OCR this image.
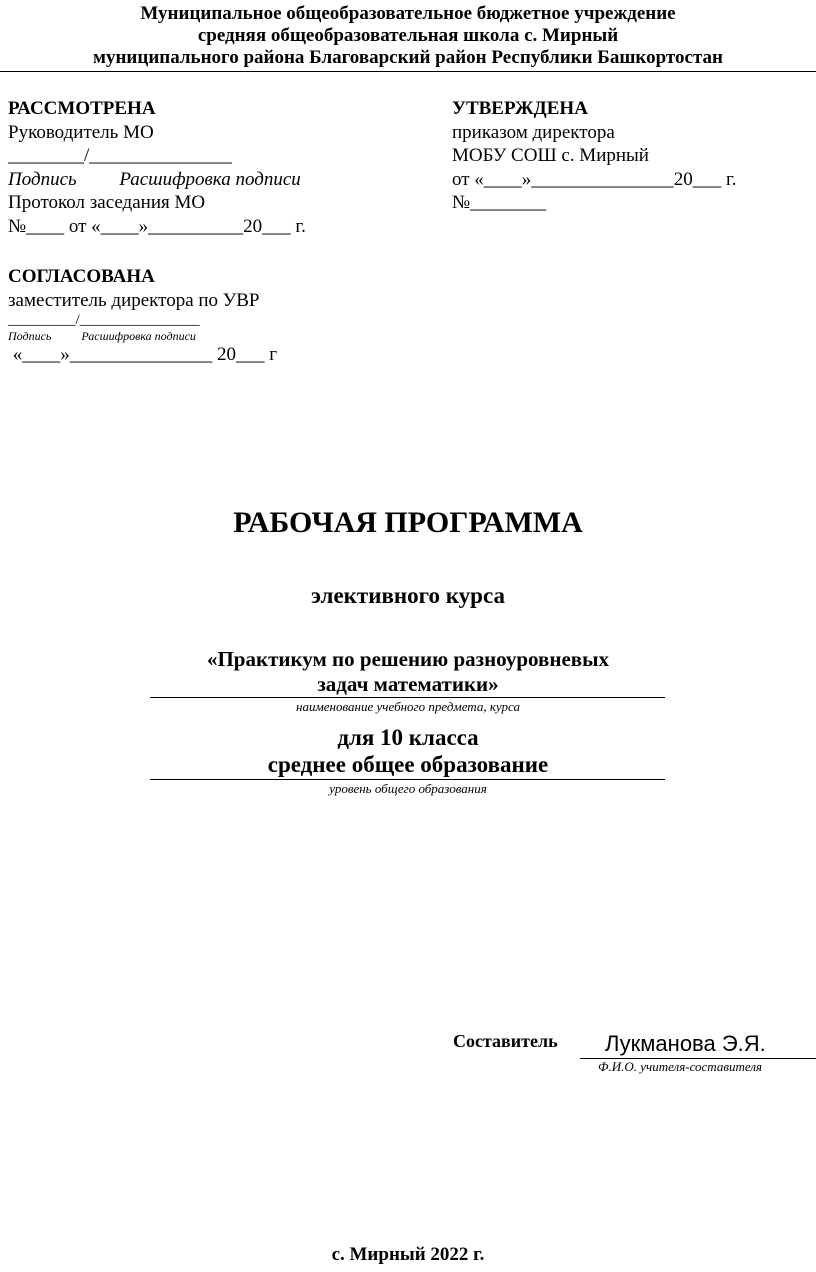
Муниципальное общеобразовательное бюджетное учреждение
средняя общеобразовательная школа с. Мирный
муниципального района Благоварский район Республики Башкортостан
РАССМОТРЕНА
Руководитель МО
________/_______________
Подпись         Расшифровка подписи
Протокол заседания МО
№____ от «____»__________20___ г.
УТВЕРЖДЕНА
приказом директора
МОБУ СОШ с. Мирный
от «____»_______________20___ г.
№________
СОГЛАСОВАНА
заместитель директора по УВР
_________/________________
Подпись          Расшифровка подписи
«____»_______________ 20___ г
РАБОЧАЯ ПРОГРАММА
элективного курса
«Практикум по решению разноуровневых
задач математики»
наименование учебного предмета, курса
для 10 класса
среднее общее образование
уровень общего образования
Составитель Лукманова Э.Я.
Ф.И.О. учителя-составителя
с. Мирный 2022 г.
